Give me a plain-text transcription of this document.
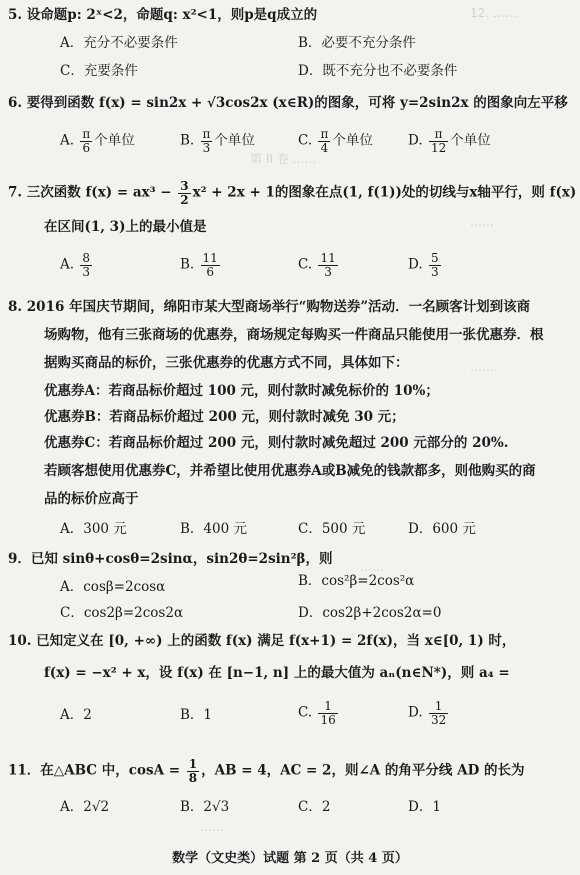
12. ……
第 II 卷 ……
……
……
……
……
5. 设命题p: 2ˣ<2，命题q: x²<1，则p是q成立的
A．充分不必要条件	B．必要不充分条件
C．充要条件	D．既不充分也不必要条件
6. 要得到函数 f(x) = sin2x + √3cos2x (x∈R)的图象，可将 y=2sin2x 的图象向左平移
A. $\frac{\pi}{6}$ 个单位	B. $\frac{\pi}{3}$ 个单位	C. $\frac{\pi}{4}$ 个单位	D. $\frac{\pi}{12}$ 个单位
7. 三次函数 $f(x) = ax^3 - \frac{3}{2} x^2 + 2x + 1$的图象在点(1, f(1))处的切线与x轴平行，则 f(x)
在区间(1, 3)上的最小值是
A. $\frac{8}{3}$	B. $\frac{11}{6}$	C. $\frac{11}{3}$	D. $\frac{5}{3}$
8. 2016 年国庆节期间，绵阳市某大型商场举行“购物送券”活动．一名顾客计划到该商
场购物，他有三张商场的优惠券，商场规定每购买一件商品只能使用一张优惠券．根
据购买商品的标价，三张优惠券的优惠方式不同，具体如下：
优惠券A：若商品标价超过 100 元，则付款时减免标价的 10%；
优惠券B：若商品标价超过 200 元，则付款时减免 30 元；
优惠券C：若商品标价超过 200 元，则付款时减免超过 200 元部分的 20%.
若顾客想使用优惠券C，并希望比使用优惠券A或B减免的钱款都多，则他购买的商
品的标价应高于
A．300 元	B．400 元	C．500 元	D．600 元
9．已知 sinθ+cosθ=2sinα，sin2θ=2sin²β，则
A．cosβ=2cosα	B．cos²β=2cos²α
C．cos2β=2cos2α	D．cos2β+2cos2α=0
10. 已知定义在 [0, +∞) 上的函数 f(x) 满足 f(x+1) = 2f(x)，当 x∈[0, 1) 时，
f(x) = −x² + x，设 f(x) 在 [n−1, n] 上的最大值为 aₙ(n∈N*)，则 a₄ =
A．2	B．1	C. $\frac{1}{16}$	D. $\frac{1}{32}$
11．在△ABC 中，$\cos A = \frac{1}{8}$ ，AB = 4，AC = 2，则∠A 的角平分线 AD 的长为
A．2√2	B．2√3	C．2	D．1
数学（文史类）试题 第 2 页（共 4 页）
